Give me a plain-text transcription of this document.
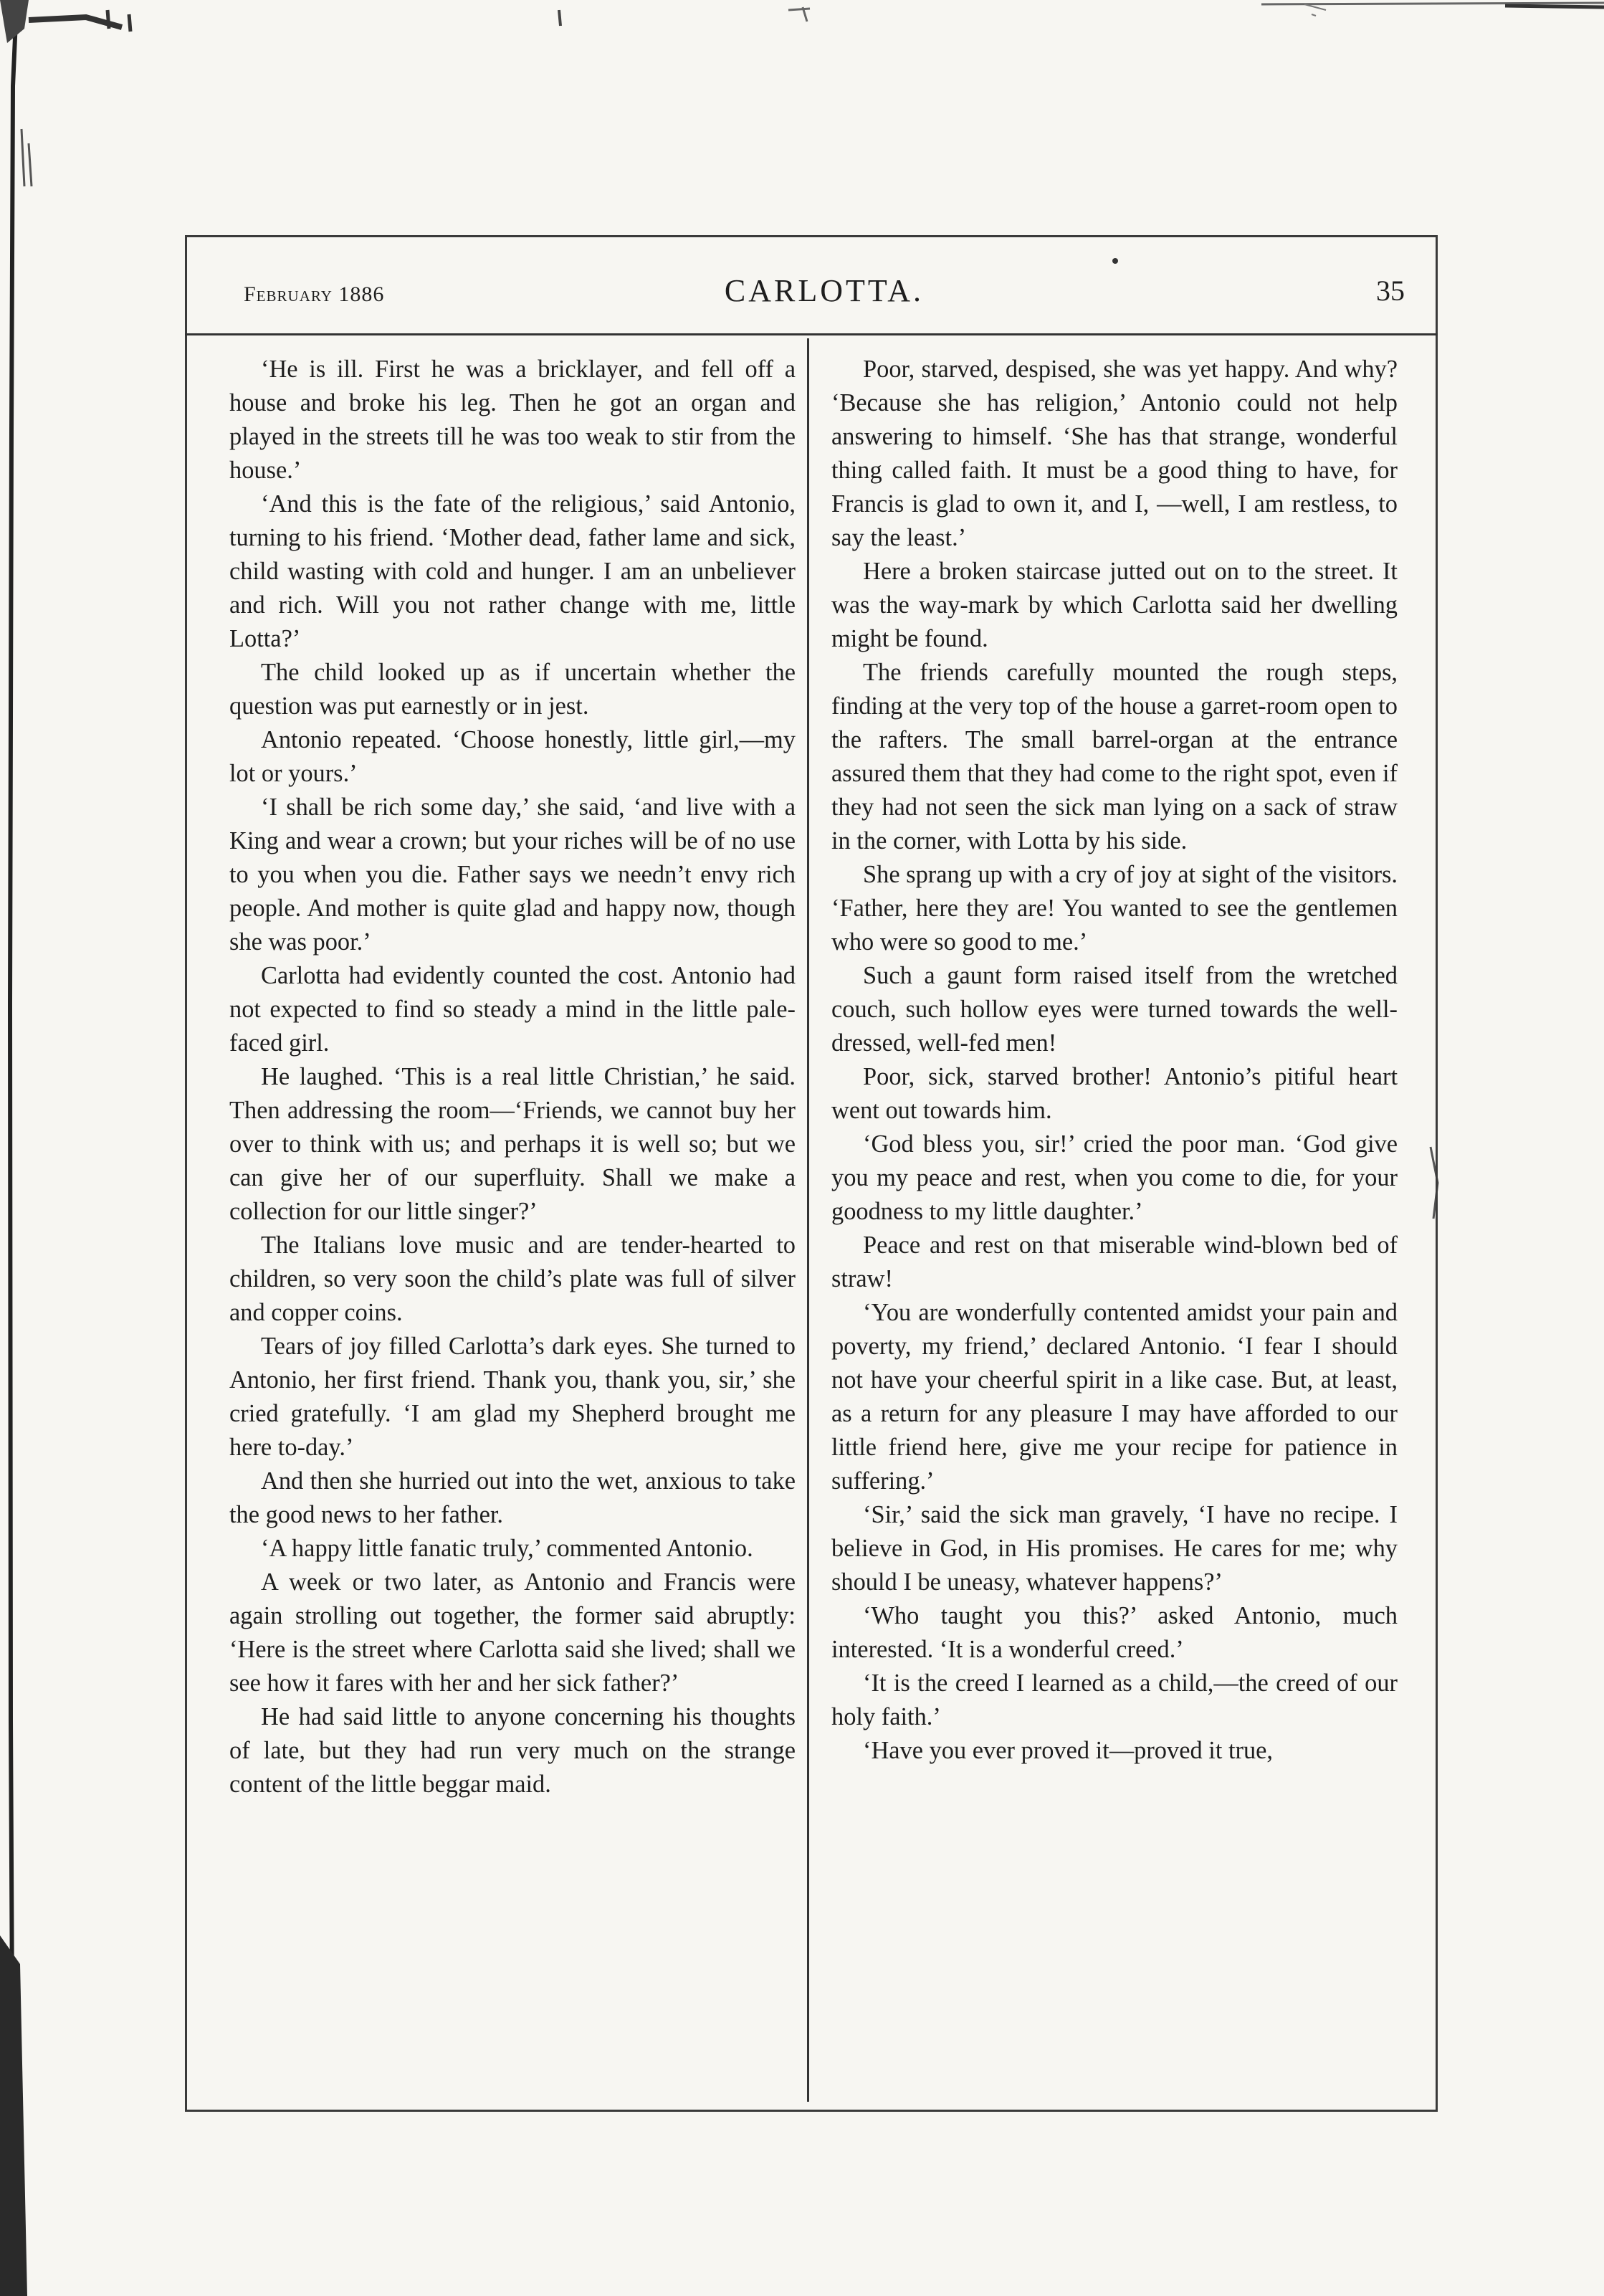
February 1886	CARLOTTA.	35

‘He is ill. First he was a bricklayer, and fell off a house and broke his leg. Then he got an organ and played in the streets till he was too weak to stir from the house.’

‘And this is the fate of the religious,’ said Antonio, turning to his friend. ‘Mother dead, father lame and sick, child wasting with cold and hunger. I am an unbeliever and rich. Will you not rather change with me, little Lotta?’

The child looked up as if uncertain whether the question was put earnestly or in jest.

Antonio repeated. ‘Choose honestly, little girl,—my lot or yours.’

‘I shall be rich some day,’ she said, ‘and live with a King and wear a crown; but your riches will be of no use to you when you die. Father says we needn’t envy rich people. And mother is quite glad and happy now, though she was poor.’

Carlotta had evidently counted the cost. Antonio had not expected to find so steady a mind in the little pale-faced girl.

He laughed. ‘This is a real little Christian,’ he said. Then addressing the room—‘Friends, we cannot buy her over to think with us; and perhaps it is well so; but we can give her of our superfluity. Shall we make a collection for our little singer?’

The Italians love music and are tender-hearted to children, so very soon the child’s plate was full of silver and copper coins.

Tears of joy filled Carlotta’s dark eyes. She turned to Antonio, her first friend. Thank you, thank you, sir,’ she cried gratefully. ‘I am glad my Shepherd brought me here to-day.’

And then she hurried out into the wet, anxious to take the good news to her father.

‘A happy little fanatic truly,’ commented Antonio.

A week or two later, as Antonio and Francis were again strolling out together, the former said abruptly: ‘Here is the street where Carlotta said she lived; shall we see how it fares with her and her sick father?’

He had said little to anyone concerning his thoughts of late, but they had run very much on the strange content of the little beggar maid.

Poor, starved, despised, she was yet happy. And why? ‘Because she has religion,’ Antonio could not help answering to himself. ‘She has that strange, wonderful thing called faith. It must be a good thing to have, for Francis is glad to own it, and I, —well, I am restless, to say the least.’

Here a broken staircase jutted out on to the street. It was the way-mark by which Carlotta said her dwelling might be found.

The friends carefully mounted the rough steps, finding at the very top of the house a garret-room open to the rafters. The small barrel-organ at the entrance assured them that they had come to the right spot, even if they had not seen the sick man lying on a sack of straw in the corner, with Lotta by his side.

She sprang up with a cry of joy at sight of the visitors. ‘Father, here they are! You wanted to see the gentlemen who were so good to me.’

Such a gaunt form raised itself from the wretched couch, such hollow eyes were turned towards the well-dressed, well-fed men!

Poor, sick, starved brother! Antonio’s pitiful heart went out towards him.

‘God bless you, sir!’ cried the poor man. ‘God give you my peace and rest, when you come to die, for your goodness to my little daughter.’

Peace and rest on that miserable wind-blown bed of straw!

‘You are wonderfully contented amidst your pain and poverty, my friend,’ declared Antonio. ‘I fear I should not have your cheerful spirit in a like case. But, at least, as a return for any pleasure I may have afforded to our little friend here, give me your recipe for patience in suffering.’

‘Sir,’ said the sick man gravely, ‘I have no recipe. I believe in God, in His promises. He cares for me; why should I be uneasy, whatever happens?’

‘Who taught you this?’ asked Antonio, much interested. ‘It is a wonderful creed.’

‘It is the creed I learned as a child,—the creed of our holy faith.’

‘Have you ever proved it—proved it true,
